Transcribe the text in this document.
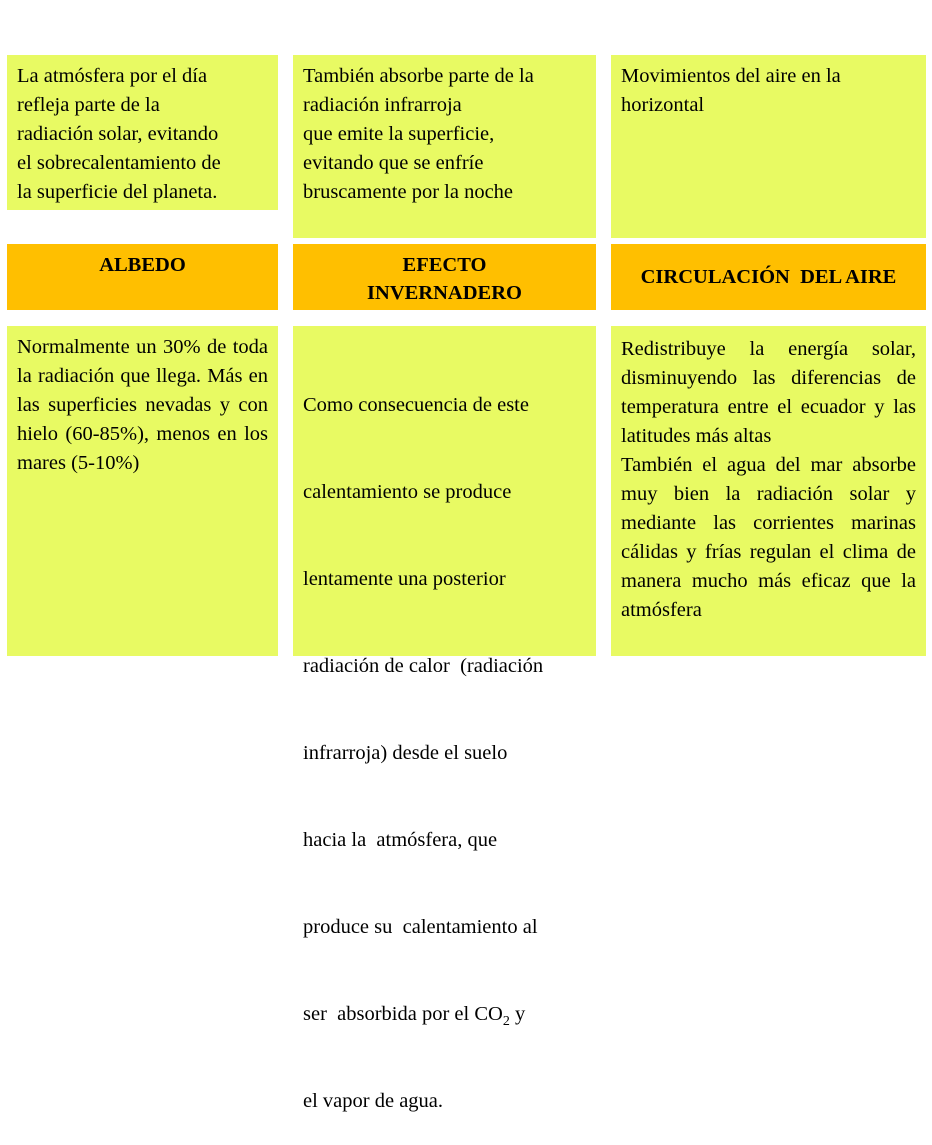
La atmósfera por el día
refleja parte de la
radiación solar, evitando
el sobrecalentamiento de
la superficie del planeta.
También absorbe parte de la
radiación infrarroja
que emite la superficie,
evitando que se enfríe
bruscamente por la noche
Movimientos del aire en la
horizontal
ALBEDO	EFECTO
INVERNADERO
CIRCULACIÓN  DEL AIRE

Normalmente un 30% de toda la radiación que llega. Más en las superficies nevadas y con hielo (60-85%), menos en los mares (5-10%)

Como consecuencia de este

calentamiento se produce

lentamente una posterior

radiación de calor  (radiación

infrarroja) desde el suelo

hacia la  atmósfera, que

produce su  calentamiento al

ser  absorbida por el $CO_2$ y

el vapor de agua.

Redistribuye la energía solar, disminuyendo las diferencias de temperatura entre el ecuador y las latitudes más altas

También el agua del mar absorbe muy bien la radiación solar y mediante las corrientes marinas cálidas y frías regulan el clima de manera mucho más eficaz que la atmósfera
